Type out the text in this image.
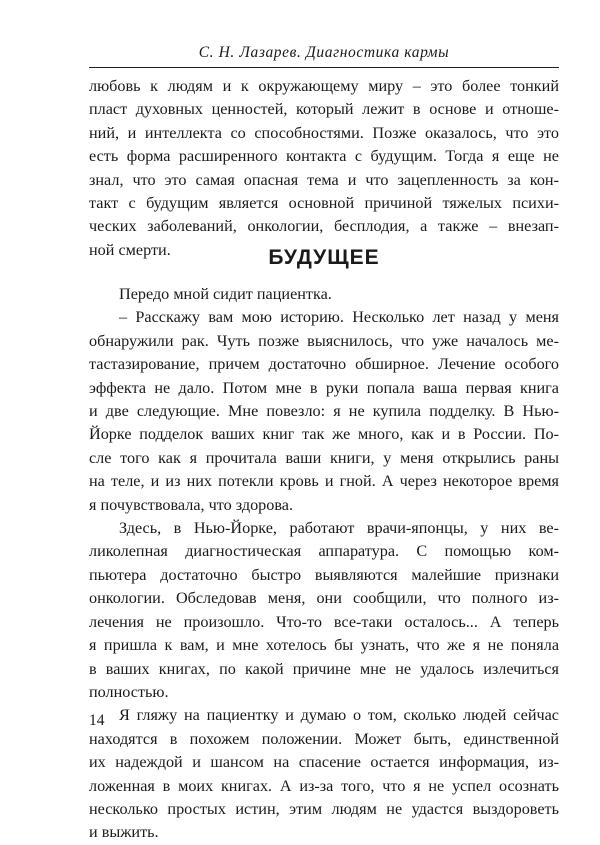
С. Н. Лазарев. Диагностика кармы
любовь к людям и к окружающему миру – это более тонкий
пласт духовных ценностей, который лежит в основе и отноше-
ний, и интеллекта со способностями. Позже оказалось, что это
есть форма расширенного контакта с будущим. Тогда я еще не
знал, что это самая опасная тема и что зацепленность за кон-
такт с будущим является основной причиной тяжелых психи-
ческих заболеваний, онкологии, бесплодия, а также – внезап-
ной смерти.	БУДУЩЕЕ

Передо мной сидит пациентка.

– Расскажу вам мою историю. Несколько лет назад у меня
обнаружили рак. Чуть позже выяснилось, что уже началось ме-
тастазирование, причем достаточно обширное. Лечение особого
эффекта не дало. Потом мне в руки попала ваша первая книга
и две следующие. Мне повезло: я не купила подделку. В Нью-
Йорке подделок ваших книг так же много, как и в России. По-
сле того как я прочитала ваши книги, у меня открылись раны
на теле, и из них потекли кровь и гной. А через некоторое время
я почувствовала, что здорова.

Здесь, в Нью-Йорке, работают врачи-японцы, у них ве-
ликолепная диагностическая аппаратура. С помощью ком-
пьютера достаточно быстро выявляются малейшие признаки
онкологии. Обследовав меня, они сообщили, что полного из-
лечения не произошло. Что-то все-таки осталось... А теперь
я пришла к вам, и мне хотелось бы узнать, что же я не поняла
в ваших книгах, по какой причине мне не удалось излечиться
полностью.

Я гляжу на пациентку и думаю о том, сколько людей сейчас
находятся в похожем положении. Может быть, единственной
их надеждой и шансом на спасение остается информация, из-
ложенная в моих книгах. А из-за того, что я не успел осознать
несколько простых истин, этим людям не удастся выздороветь
и выжить.

14
